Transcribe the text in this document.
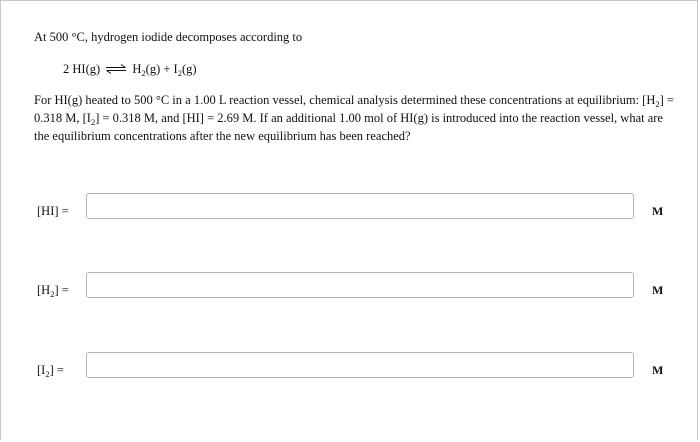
At 500 °C, hydrogen iodide decomposes according to
2 HI(g) ⇌ $H_2(g) + I_2(g)$
For HI(g) heated to 500 °C in a 1.00 L reaction vessel, chemical analysis determined these concentrations at equilibrium: $[H_2] = 0.318$ M, $[I_2] = 0.318$ M, and [HI] = 2.69 M. If an additional 1.00 mol of HI(g) is introduced into the reaction vessel, what are the equilibrium concentrations after the new equilibrium has been reached?
[HI] =	M
$[H_2]$ =	M
$[I_2]$ =	M
